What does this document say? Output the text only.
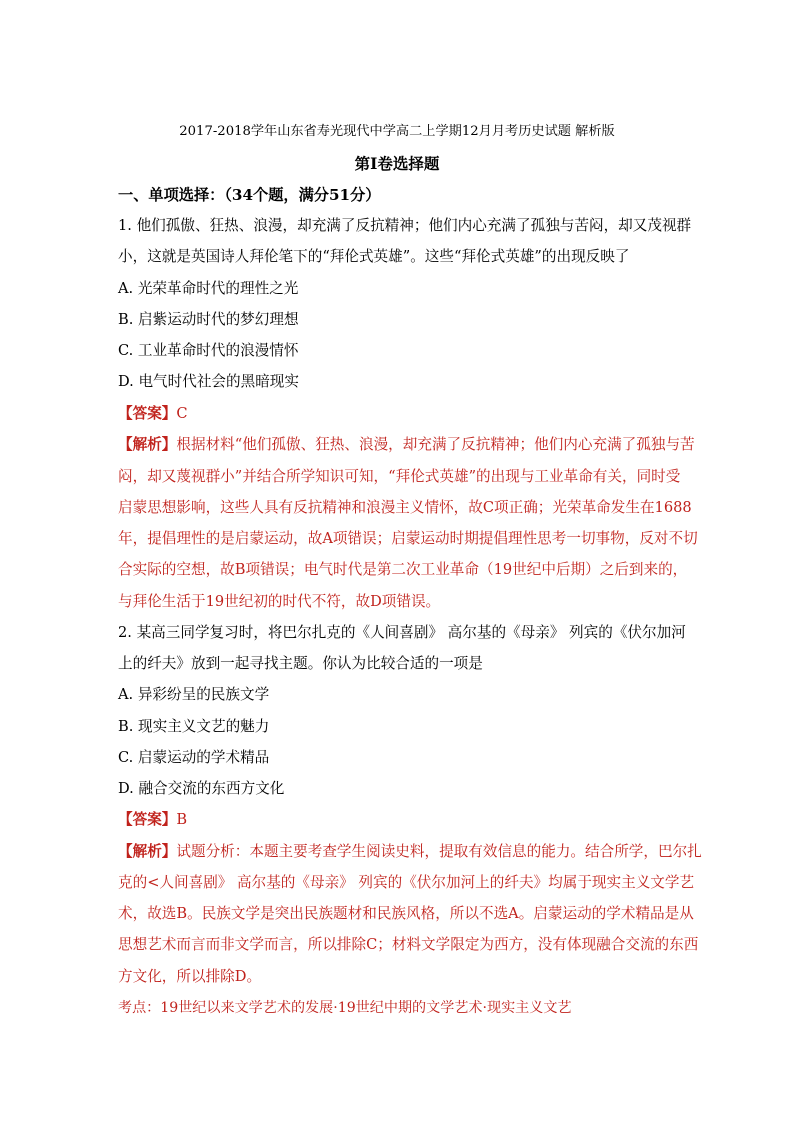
2017-2018学年山东省寿光现代中学高二上学期12月月考历史试题 解析版
第Ⅰ卷选择题
一、单项选择：（34个题，满分51分）
1. 他们孤傲、狂热、浪漫，却充满了反抗精神；他们内心充满了孤独与苦闷，却又茂视群
小，这就是英国诗人拜伦笔下的“拜伦式英雄”。这些“拜伦式英雄”的出现反映了
A. 光荣革命时代的理性之光
B. 启紫运动时代的梦幻理想
C. 工业革命时代的浪漫情怀
D. 电气时代社会的黑暗现实
【答案】C
【解析】根据材料“他们孤傲、狂热、浪漫，却充满了反抗精神；他们内心充满了孤独与苦
闷，却又蔑视群小”并结合所学知识可知，“拜伦式英雄”的出现与工业革命有关，同时受
启蒙思想影响，这些人具有反抗精神和浪漫主义情怀，故C项正确；光荣革命发生在1688
年，提倡理性的是启蒙运动，故A项错误；启蒙运动时期提倡理性思考一切事物，反对不切
合实际的空想，故B项错误；电气时代是第二次工业革命（19世纪中后期）之后到来的，
与拜伦生活于19世纪初的时代不符，故D项错误。
2. 某高三同学复习时，将巴尔扎克的《人间喜剧》 高尔基的《母亲》 列宾的《伏尔加河
上的纤夫》放到一起寻找主题。你认为比较合适的一项是
A. 异彩纷呈的民族文学
B. 现实主义文艺的魅力
C. 启蒙运动的学术精品
D. 融合交流的东西方文化
【答案】B
【解析】试题分析：本题主要考查学生阅读史料，提取有效信息的能力。结合所学，巴尔扎
克的<人间喜剧》 高尔基的《母亲》 列宾的《伏尔加河上的纤夫》均属于现实主义文学艺
术，故选B。民族文学是突出民族题材和民族风格，所以不选A。启蒙运动的学术精品是从
思想艺术而言而非文学而言，所以排除C；材料文学限定为西方，没有体现融合交流的东西
方文化，所以排除D。
考点：19世纪以来文学艺术的发展·19世纪中期的文学艺术·现实主义文艺
